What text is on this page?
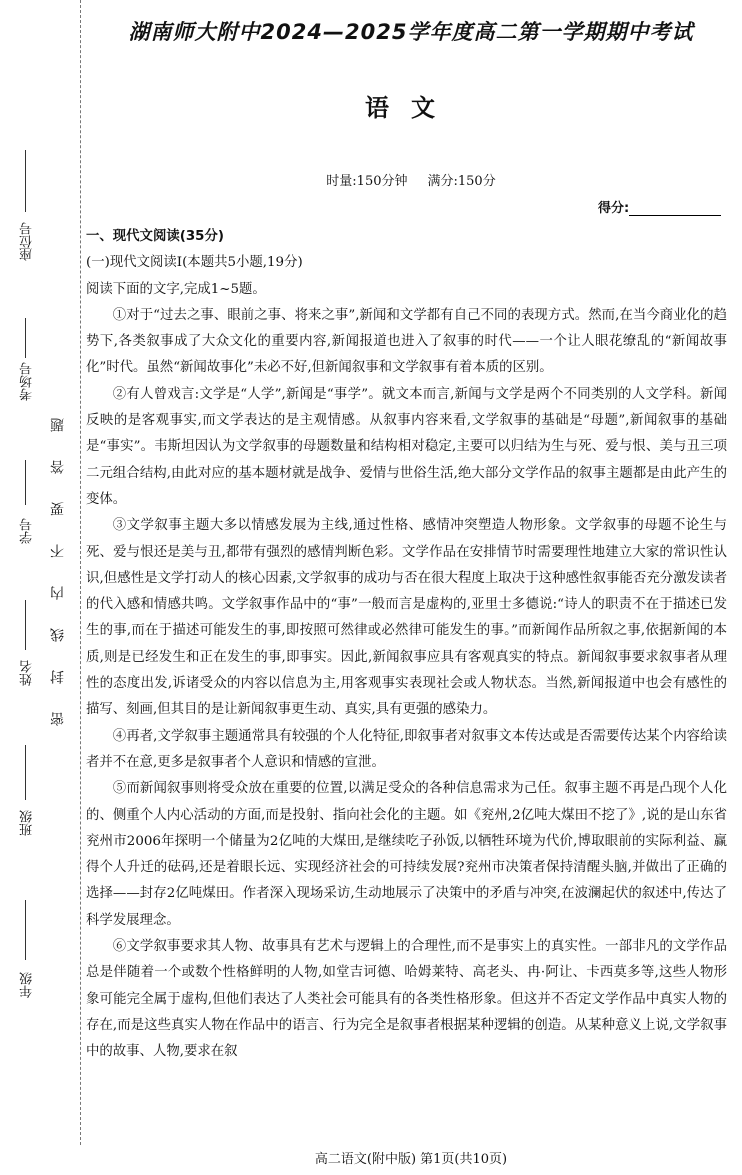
座位号
考场号
学号
姓名
班级
年级
密封线内不要答题
湖南师大附中2024—2025学年度高二第一学期期中考试
语文
时量:150分钟 满分:150分
得分:

一、现代文阅读(35分)

(一)现代文阅读Ⅰ(本题共5小题,19分)

阅读下面的文字,完成1~5题。

①对于“过去之事、眼前之事、将来之事”,新闻和文学都有自己不同的表现方式。然而,在当今商业化的趋势下,各类叙事成了大众文化的重要内容,新闻报道也进入了叙事的时代——一个让人眼花缭乱的“新闻故事化”时代。虽然“新闻故事化”未必不好,但新闻叙事和文学叙事有着本质的区别。

②有人曾戏言:文学是“人学”,新闻是“事学”。就文本而言,新闻与文学是两个不同类别的人文学科。新闻反映的是客观事实,而文学表达的是主观情感。从叙事内容来看,文学叙事的基础是“母题”,新闻叙事的基础是“事实”。韦斯坦因认为文学叙事的母题数量和结构相对稳定,主要可以归结为生与死、爱与恨、美与丑三项二元组合结构,由此对应的基本题材就是战争、爱情与世俗生活,绝大部分文学作品的叙事主题都是由此产生的变体。

③文学叙事主题大多以情感发展为主线,通过性格、感情冲突塑造人物形象。文学叙事的母题不论生与死、爱与恨还是美与丑,都带有强烈的感情判断色彩。文学作品在安排情节时需要理性地建立大家的常识性认识,但感性是文学打动人的核心因素,文学叙事的成功与否在很大程度上取决于这种感性叙事能否充分激发读者的代入感和情感共鸣。文学叙事作品中的“事”一般而言是虚构的,亚里士多德说:“诗人的职责不在于描述已发生的事,而在于描述可能发生的事,即按照可然律或必然律可能发生的事。”而新闻作品所叙之事,依据新闻的本质,则是已经发生和正在发生的事,即事实。因此,新闻叙事应具有客观真实的特点。新闻叙事要求叙事者从理性的态度出发,诉诸受众的内容以信息为主,用客观事实表现社会或人物状态。当然,新闻报道中也会有感性的描写、刻画,但其目的是让新闻叙事更生动、真实,具有更强的感染力。

④再者,文学叙事主题通常具有较强的个人化特征,即叙事者对叙事文本传达或是否需要传达某个内容给读者并不在意,更多是叙事者个人意识和情感的宣泄。

⑤而新闻叙事则将受众放在重要的位置,以满足受众的各种信息需求为己任。叙事主题不再是凸现个人化的、侧重个人内心活动的方面,而是投射、指向社会化的主题。如《兖州,2亿吨大煤田不挖了》,说的是山东省兖州市2006年探明一个储量为2亿吨的大煤田,是继续吃子孙饭,以牺牲环境为代价,博取眼前的实际利益、赢得个人升迁的砝码,还是着眼长远、实现经济社会的可持续发展?兖州市决策者保持清醒头脑,并做出了正确的选择——封存2亿吨煤田。作者深入现场采访,生动地展示了决策中的矛盾与冲突,在波澜起伏的叙述中,传达了科学发展理念。

⑥文学叙事要求其人物、故事具有艺术与逻辑上的合理性,而不是事实上的真实性。一部非凡的文学作品总是伴随着一个或数个性格鲜明的人物,如堂吉诃德、哈姆莱特、高老头、冉·阿让、卡西莫多等,这些人物形象可能完全属于虚构,但他们表达了人类社会可能具有的各类性格形象。但这并不否定文学作品中真实人物的存在,而是这些真实人物在作品中的语言、行为完全是叙事者根据某种逻辑的创造。从某种意义上说,文学叙事中的故事、人物,要求在叙

高二语文(附中版) 第1页(共10页)
